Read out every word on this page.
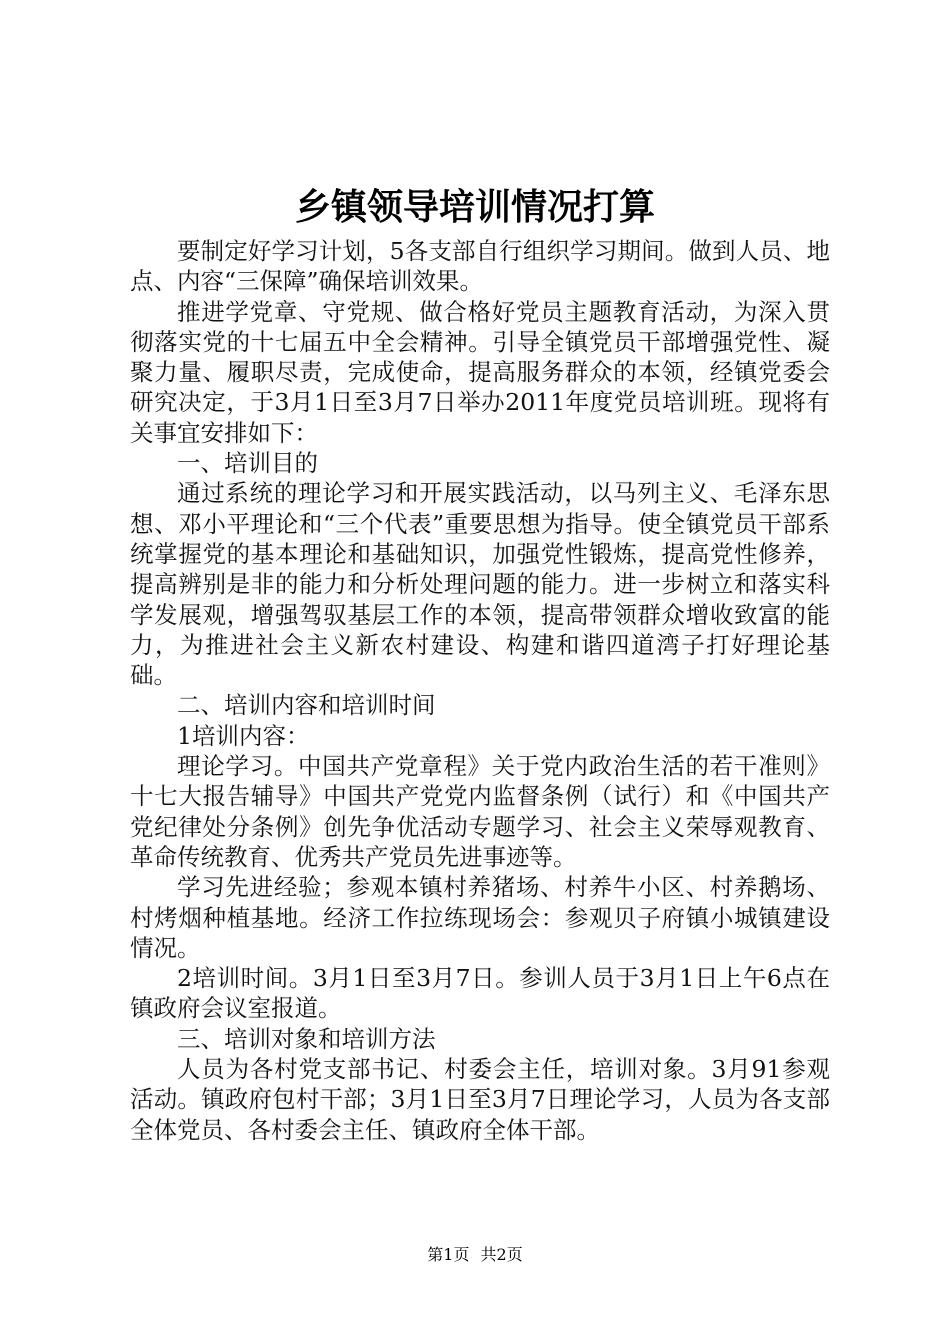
乡镇领导培训情况打算

要制定好学习计划，5各支部自行组织学习期间。做到人员、地点、内容“三保障”确保培训效果。

推进学党章、守党规、做合格好党员主题教育活动，为深入贯彻落实党的十七届五中全会精神。引导全镇党员干部增强党性、凝聚力量、履职尽责，完成使命，提高服务群众的本领，经镇党委会研究决定，于3月1日至3月7日举办2011年度党员培训班。现将有关事宜安排如下：

一、培训目的

通过系统的理论学习和开展实践活动，以马列主义、毛泽东思想、邓小平理论和“三个代表”重要思想为指导。使全镇党员干部系统掌握党的基本理论和基础知识，加强党性锻炼，提高党性修养，提高辨别是非的能力和分析处理问题的能力。进一步树立和落实科学发展观，增强驾驭基层工作的本领，提高带领群众增收致富的能力，为推进社会主义新农村建设、构建和谐四道湾子打好理论基础。

二、培训内容和培训时间

1培训内容：

理论学习。中国共产党章程》关于党内政治生活的若干准则》十七大报告辅导》中国共产党党内监督条例（试行）和《中国共产党纪律处分条例》创先争优活动专题学习、社会主义荣辱观教育、革命传统教育、优秀共产党员先进事迹等。

学习先进经验；参观本镇村养猪场、村养牛小区、村养鹅场、村烤烟种植基地。经济工作拉练现场会：参观贝子府镇小城镇建设情况。

2培训时间。3月1日至3月7日。参训人员于3月1日上午6点在镇政府会议室报道。

三、培训对象和培训方法

人员为各村党支部书记、村委会主任，培训对象。3月91参观活动。镇政府包村干部；3月1日至3月7日理论学习，人员为各支部全体党员、各村委会主任、镇政府全体干部。

第1页 共2页
